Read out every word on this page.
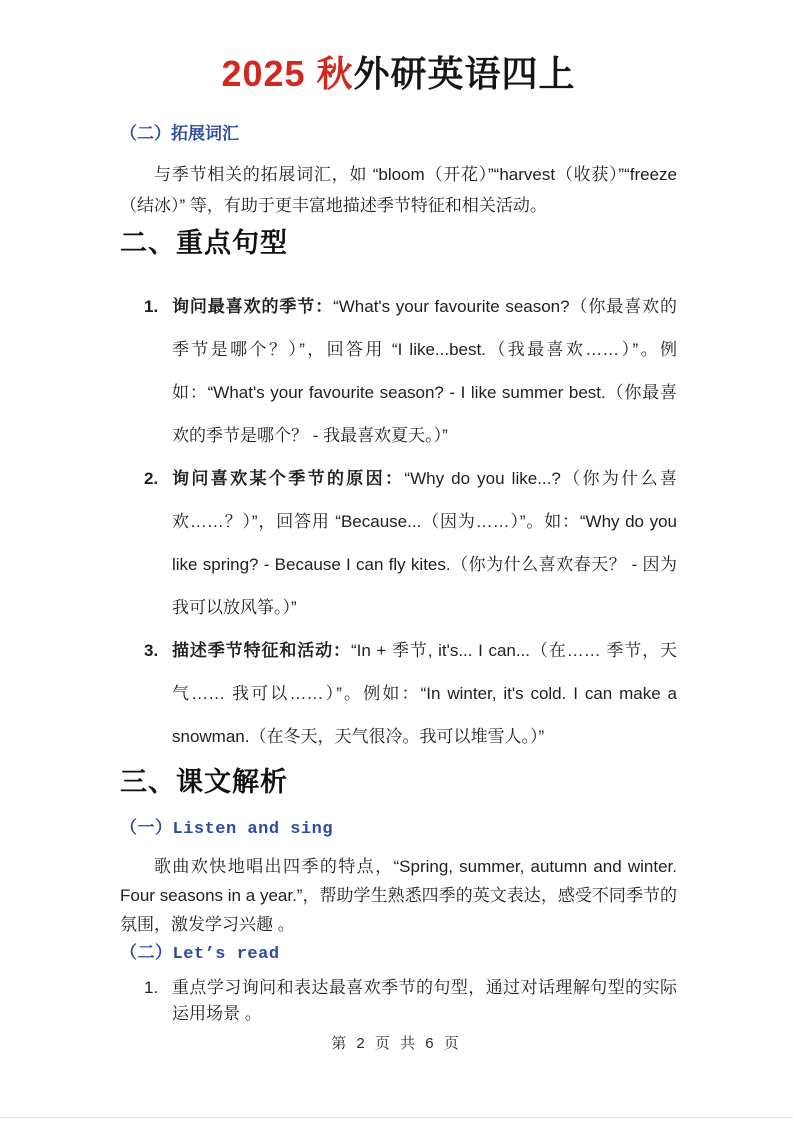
2025 秋外研英语四上
（二）拓展词汇

与季节相关的拓展词汇，如 “bloom（开花）”“harvest（收获）”“freeze（结冰）” 等，有助于更丰富地描述季节特征和相关活动。

二、重点句型
1. 询问最喜欢的季节：“What's your favourite season?（你最喜欢的季节是哪个？）”，回答用 “I like...best.（我最喜欢……）”。例如：“What's your favourite season? - I like summer best.（你最喜欢的季节是哪个？ - 我最喜欢夏天。）”
2. 询问喜欢某个季节的原因：“Why do you like...?（你为什么喜欢……？）”，回答用 “Because...（因为……）”。如：“Why do you like spring? - Because I can fly kites.（你为什么喜欢春天？ - 因为我可以放风筝。）”
3. 描述季节特征和活动：“In + 季节, it's... I can...（在…… 季节，天气…… 我可以……）”。例如：“In winter, it's cold. I can make a snowman.（在冬天，天气很冷。我可以堆雪人。）”
三、课文解析
（一）Listen and sing

歌曲欢快地唱出四季的特点，“Spring, summer, autumn and winter. Four seasons in a year.”，帮助学生熟悉四季的英文表达，感受不同季节的氛围，激发学习兴趣 。

（二）Let’s read
1. 重点学习询问和表达最喜欢季节的句型，通过对话理解句型的实际运用场景 。
第 2 页 共 6 页
